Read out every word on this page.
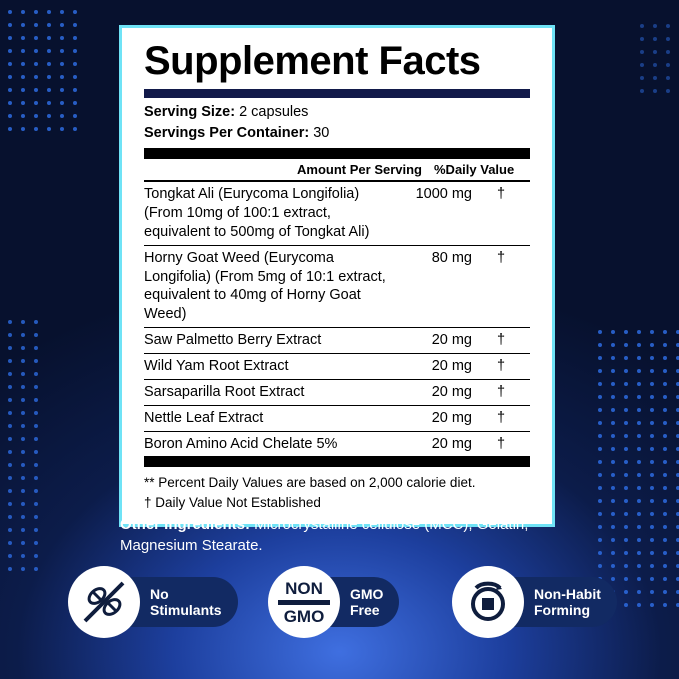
Supplement Facts
Serving Size: 2 capsules
Servings Per Container: 30
Amount Per Serving %Daily Value
Tongkat Ali (Eurycoma Longifolia) (From 10mg of 100:1 extract, equivalent to 500mg of Tongkat Ali)	1000 mg	†
Horny Goat Weed (Eurycoma Longifolia) (From 5mg of 10:1 extract, equivalent to 40mg of Horny Goat Weed)	80 mg	†
Saw Palmetto Berry Extract	20 mg	†
Wild Yam Root Extract	20 mg	†
Sarsaparilla Root Extract	20 mg	†
Nettle Leaf Extract	20 mg	†
Boron Amino Acid Chelate 5%	20 mg	†
** Percent Daily Values are based on 2,000 calorie diet.
† Daily Value Not Established
Other Ingredients: Microcrystalline cellulose (MCC), Gelatin, Magnesium Stearate.
No
Stimulants
NON
GMO
GMO
Free
Non-Habit
Forming
